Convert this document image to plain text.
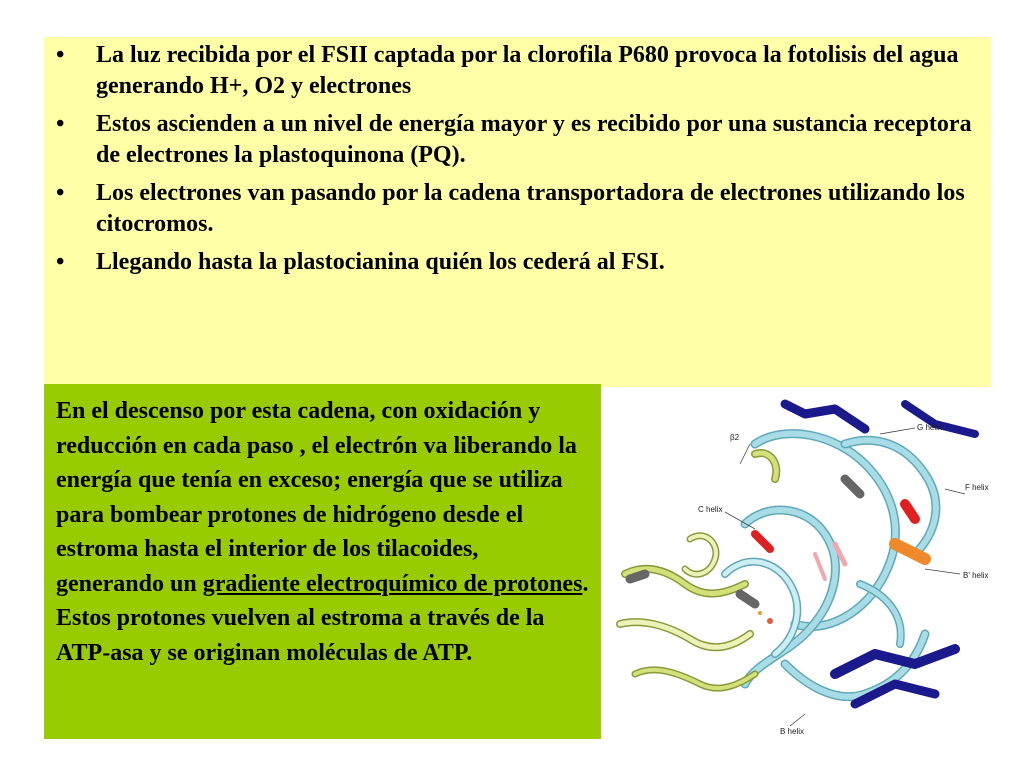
• La luz recibida por el FSII captada por la clorofila P680 provoca la fotolisis del agua generando H+, O2 y electrones
• Estos ascienden a un nivel de energía mayor y es recibido por una sustancia receptora de electrones la plastoquinona (PQ).
• Los electrones van pasando por la cadena transportadora de electrones utilizando los citocromos.
• Llegando hasta la plastocianina quién los cederá al FSI.
En el descenso por esta cadena, con oxidación y reducción en cada paso , el electrón va liberando la energía que tenía en exceso; energía que se utiliza para bombear protones de hidrógeno desde el estroma hasta el interior de los tilacoides, generando un gradiente electroquímico de protones. Estos protones vuelven al estroma a través de la ATP-asa y se originan moléculas de ATP.
G helix
β2
F helix
C helix
B' helix
B helix
